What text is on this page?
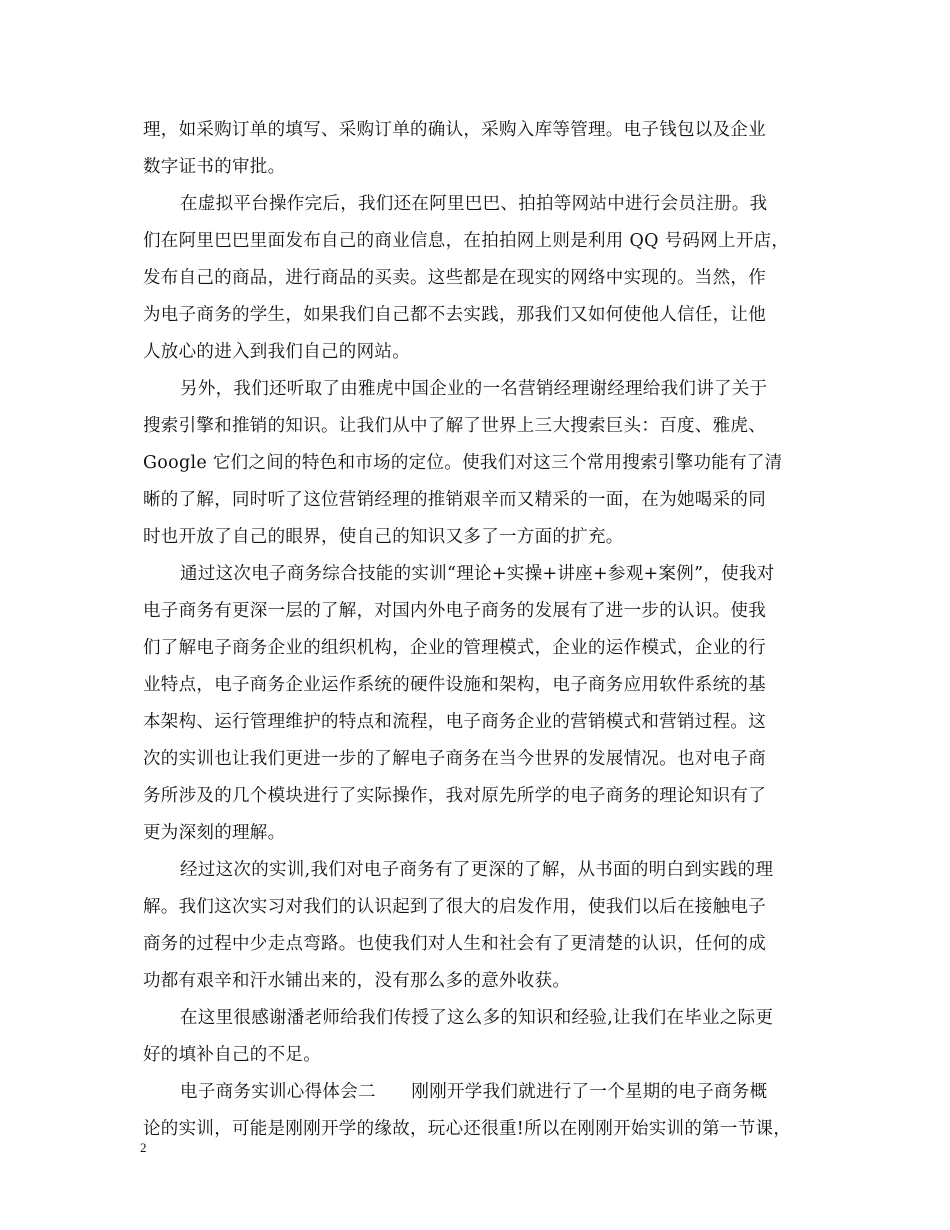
理，如采购订单的填写、采购订单的确认，采购入库等管理。电子钱包以及企业
数字证书的审批。
在虚拟平台操作完后，我们还在阿里巴巴、拍拍等网站中进行会员注册。我
们在阿里巴巴里面发布自己的商业信息，在拍拍网上则是利用 QQ 号码网上开店，
发布自己的商品，进行商品的买卖。这些都是在现实的网络中实现的。当然，作
为电子商务的学生，如果我们自己都不去实践，那我们又如何使他人信任，让他
人放心的进入到我们自己的网站。
另外，我们还听取了由雅虎中国企业的一名营销经理谢经理给我们讲了关于
搜索引擎和推销的知识。让我们从中了解了世界上三大搜索巨头：百度、雅虎、
Google 它们之间的特色和市场的定位。使我们对这三个常用搜索引擎功能有了清
晰的了解，同时听了这位营销经理的推销艰辛而又精采的一面，在为她喝采的同
时也开放了自己的眼界，使自己的知识又多了一方面的扩充。
通过这次电子商务综合技能的实训“理论+实操+讲座+参观+案例”，使我对
电子商务有更深一层的了解，对国内外电子商务的发展有了进一步的认识。使我
们了解电子商务企业的组织机构，企业的管理模式，企业的运作模式，企业的行
业特点，电子商务企业运作系统的硬件设施和架构，电子商务应用软件系统的基
本架构、运行管理维护的特点和流程，电子商务企业的营销模式和营销过程。这
次的实训也让我们更进一步的了解电子商务在当今世界的发展情况。也对电子商
务所涉及的几个模块进行了实际操作，我对原先所学的电子商务的理论知识有了
更为深刻的理解。
经过这次的实训,我们对电子商务有了更深的了解，从书面的明白到实践的理
解。我们这次实习对我们的认识起到了很大的启发作用，使我们以后在接触电子
商务的过程中少走点弯路。也使我们对人生和社会有了更清楚的认识，任何的成
功都有艰辛和汗水铺出来的，没有那么多的意外收获。
在这里很感谢潘老师给我们传授了这么多的知识和经验,让我们在毕业之际更
好的填补自己的不足。
电子商务实训心得体会二　　刚刚开学我们就进行了一个星期的电子商务概
论的实训，可能是刚刚开学的缘故，玩心还很重!所以在刚刚开始实训的第一节课，
2
